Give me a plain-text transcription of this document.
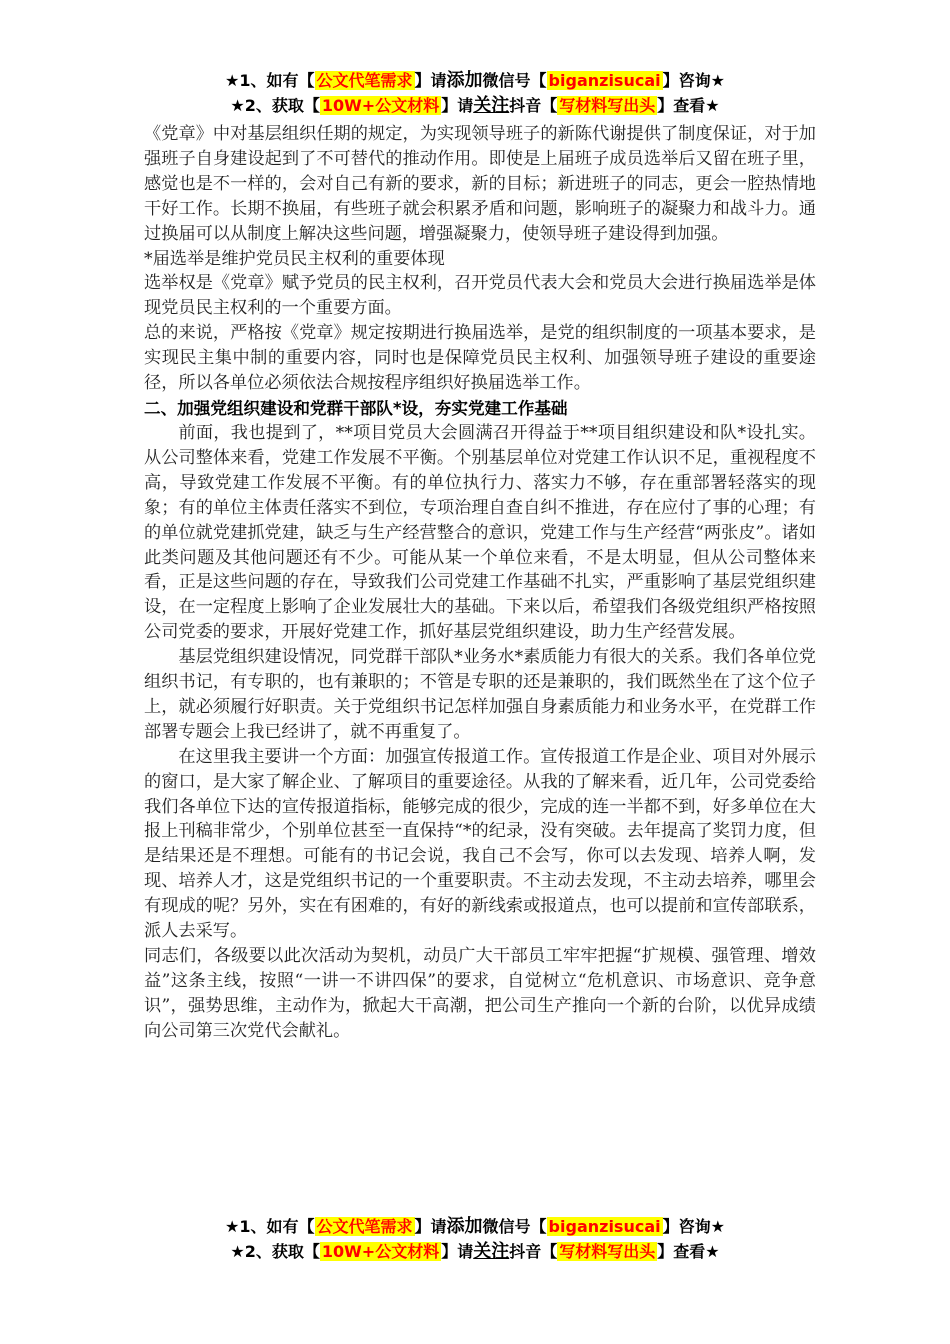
★1、如有【 公文代笔需求 】请添加微信号【 biganzisucai 】咨询★
★2、获取【 10W+公文材料 】请关注抖音【 写材料写出头 】查看★

《党章》中对基层组织任期的规定，为实现领导班子的新陈代谢提供了制度保证，对于加强班子自身建设起到了不可替代的推动作用。即使是上届班子成员选举后又留在班子里，感觉也是不一样的，会对自己有新的要求，新的目标；新进班子的同志，更会一腔热情地干好工作。长期不换届，有些班子就会积累矛盾和问题，影响班子的凝聚力和战斗力。通过换届可以从制度上解决这些问题，增强凝聚力，使领导班子建设得到加强。

*届选举是维护党员民主权利的重要体现

选举权是《党章》赋予党员的民主权利，召开党员代表大会和党员大会进行换届选举是体现党员民主权利的一个重要方面。

总的来说，严格按《党章》规定按期进行换届选举，是党的组织制度的一项基本要求，是实现民主集中制的重要内容，同时也是保障党员民主权利、加强领导班子建设的重要途径，所以各单位必须依法合规按程序组织好换届选举工作。

二、加强党组织建设和党群干部队*设，夯实党建工作基础

前面，我也提到了，**项目党员大会圆满召开得益于**项目组织建设和队*设扎实。从公司整体来看，党建工作发展不平衡。个别基层单位对党建工作认识不足，重视程度不高，导致党建工作发展不平衡。有的单位执行力、落实力不够，存在重部署轻落实的现象；有的单位主体责任落实不到位，专项治理自查自纠不推进，存在应付了事的心理；有的单位就党建抓党建，缺乏与生产经营整合的意识，党建工作与生产经营“两张皮”。诸如此类问题及其他问题还有不少。可能从某一个单位来看，不是太明显，但从公司整体来看，正是这些问题的存在，导致我们公司党建工作基础不扎实，严重影响了基层党组织建设，在一定程度上影响了企业发展壮大的基础。下来以后，希望我们各级党组织严格按照公司党委的要求，开展好党建工作，抓好基层党组织建设，助力生产经营发展。

基层党组织建设情况，同党群干部队*业务水*素质能力有很大的关系。我们各单位党组织书记，有专职的，也有兼职的；不管是专职的还是兼职的，我们既然坐在了这个位子上，就必须履行好职责。关于党组织书记怎样加强自身素质能力和业务水平，在党群工作部署专题会上我已经讲了，就不再重复了。

在这里我主要讲一个方面：加强宣传报道工作。宣传报道工作是企业、项目对外展示的窗口，是大家了解企业、了解项目的重要途径。从我的了解来看，近几年，公司党委给我们各单位下达的宣传报道指标，能够完成的很少，完成的连一半都不到，好多单位在大报上刊稿非常少，个别单位甚至一直保持“*的纪录，没有突破。去年提高了奖罚力度，但是结果还是不理想。可能有的书记会说，我自己不会写，你可以去发现、培养人啊，发现、培养人才，这是党组织书记的一个重要职责。不主动去发现，不主动去培养，哪里会有现成的呢？另外，实在有困难的，有好的新线索或报道点，也可以提前和宣传部联系，派人去采写。

同志们，各级要以此次活动为契机，动员广大干部员工牢牢把握“扩规模、强管理、增效益”这条主线，按照“一讲一不讲四保”的要求，自觉树立“危机意识、市场意识、竞争意识”，强势思维，主动作为，掀起大干高潮，把公司生产推向一个新的台阶，以优异成绩向公司第三次党代会献礼。

★1、如有【 公文代笔需求 】请添加微信号【 biganzisucai 】咨询★
★2、获取【 10W+公文材料 】请关注抖音【 写材料写出头 】查看★
